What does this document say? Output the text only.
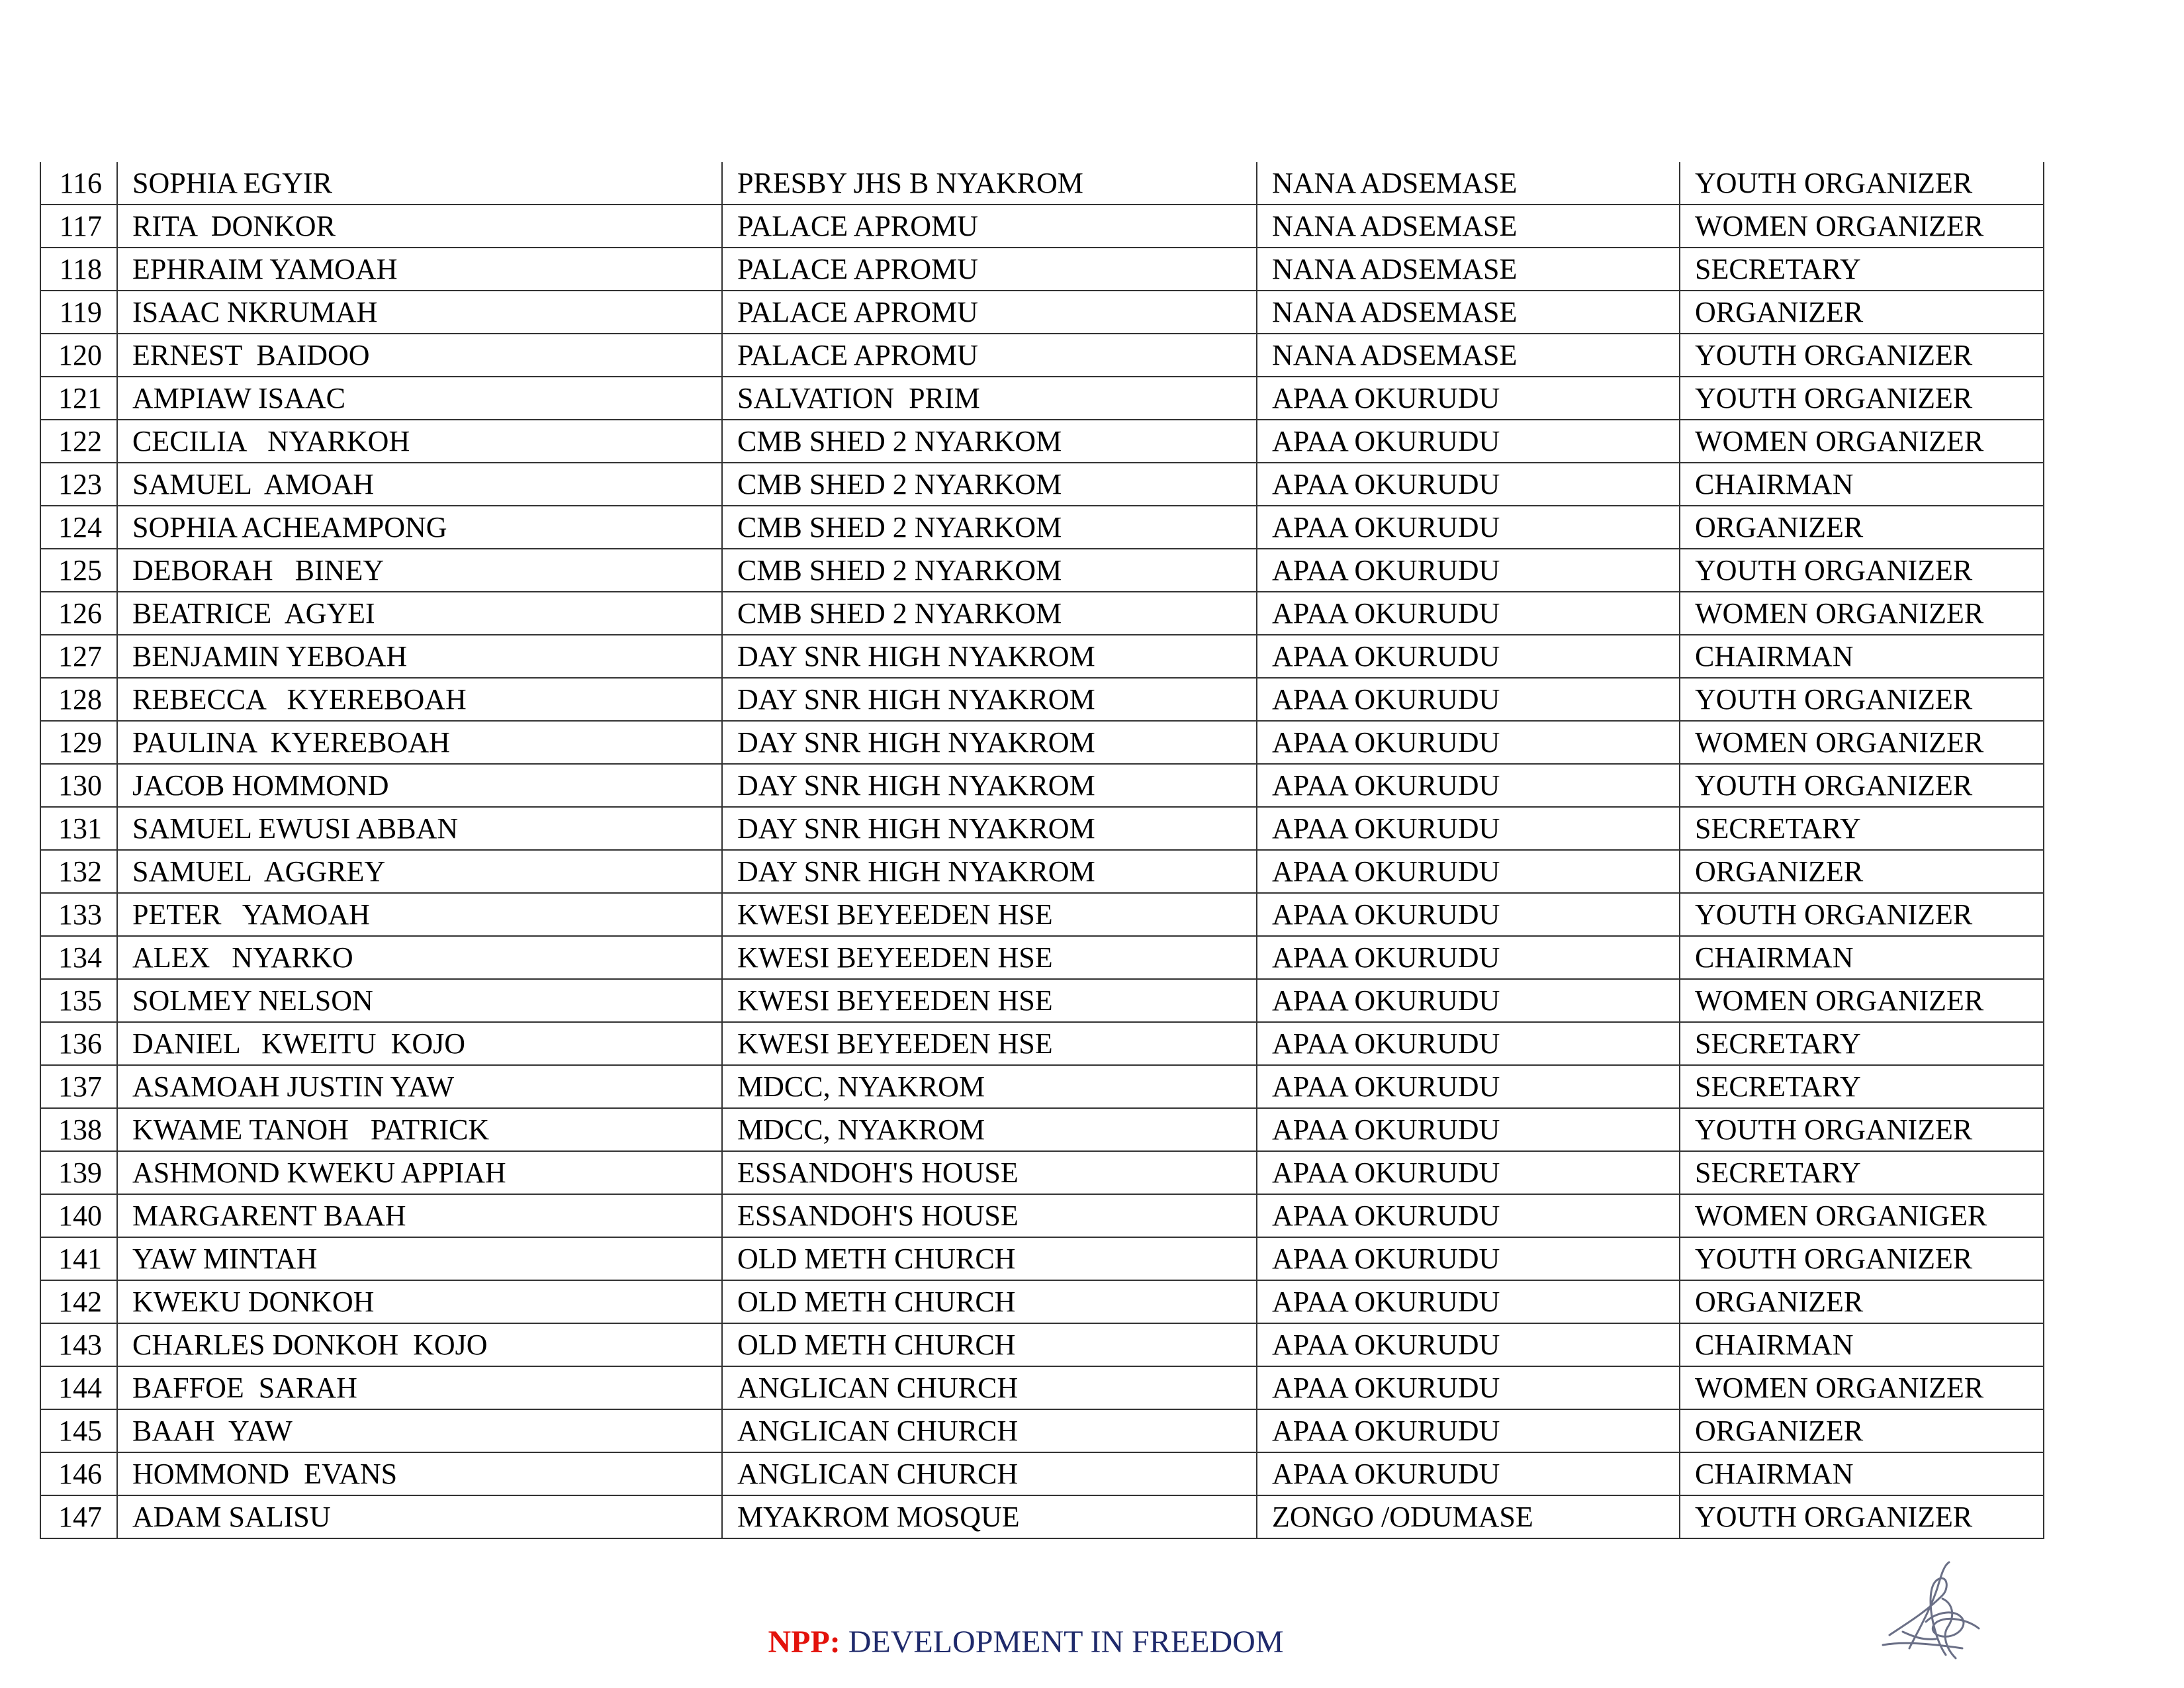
116	SOPHIA EGYIR	PRESBY JHS B NYAKROM	NANA ADSEMASE	YOUTH ORGANIZER
117	RITA  DONKOR	PALACE APROMU	NANA ADSEMASE	WOMEN ORGANIZER
118	EPHRAIM YAMOAH	PALACE APROMU	NANA ADSEMASE	SECRETARY
119	ISAAC NKRUMAH	PALACE APROMU	NANA ADSEMASE	ORGANIZER
120	ERNEST  BAIDOO	PALACE APROMU	NANA ADSEMASE	YOUTH ORGANIZER
121	AMPIAW ISAAC	SALVATION  PRIM	APAA OKURUDU	YOUTH ORGANIZER
122	CECILIA   NYARKOH	CMB SHED 2 NYARKOM	APAA OKURUDU	WOMEN ORGANIZER
123	SAMUEL  AMOAH	CMB SHED 2 NYARKOM	APAA OKURUDU	CHAIRMAN
124	SOPHIA ACHEAMPONG	CMB SHED 2 NYARKOM	APAA OKURUDU	ORGANIZER
125	DEBORAH   BINEY	CMB SHED 2 NYARKOM	APAA OKURUDU	YOUTH ORGANIZER
126	BEATRICE  AGYEI	CMB SHED 2 NYARKOM	APAA OKURUDU	WOMEN ORGANIZER
127	BENJAMIN YEBOAH	DAY SNR HIGH NYAKROM	APAA OKURUDU	CHAIRMAN
128	REBECCA   KYEREBOAH	DAY SNR HIGH NYAKROM	APAA OKURUDU	YOUTH ORGANIZER
129	PAULINA  KYEREBOAH	DAY SNR HIGH NYAKROM	APAA OKURUDU	WOMEN ORGANIZER
130	JACOB HOMMOND	DAY SNR HIGH NYAKROM	APAA OKURUDU	YOUTH ORGANIZER
131	SAMUEL EWUSI ABBAN	DAY SNR HIGH NYAKROM	APAA OKURUDU	SECRETARY
132	SAMUEL  AGGREY	DAY SNR HIGH NYAKROM	APAA OKURUDU	ORGANIZER
133	PETER   YAMOAH	KWESI BEYEEDEN HSE	APAA OKURUDU	YOUTH ORGANIZER
134	ALEX   NYARKO	KWESI BEYEEDEN HSE	APAA OKURUDU	CHAIRMAN
135	SOLMEY NELSON	KWESI BEYEEDEN HSE	APAA OKURUDU	WOMEN ORGANIZER
136	DANIEL   KWEITU  KOJO	KWESI BEYEEDEN HSE	APAA OKURUDU	SECRETARY
137	ASAMOAH JUSTIN YAW	MDCC, NYAKROM	APAA OKURUDU	SECRETARY
138	KWAME TANOH   PATRICK	MDCC, NYAKROM	APAA OKURUDU	YOUTH ORGANIZER
139	ASHMOND KWEKU APPIAH	ESSANDOH'S HOUSE	APAA OKURUDU	SECRETARY
140	MARGARENT BAAH	ESSANDOH'S HOUSE	APAA OKURUDU	WOMEN ORGANIGER
141	YAW MINTAH	OLD METH CHURCH	APAA OKURUDU	YOUTH ORGANIZER
142	KWEKU DONKOH	OLD METH CHURCH	APAA OKURUDU	ORGANIZER
143	CHARLES DONKOH  KOJO	OLD METH CHURCH	APAA OKURUDU	CHAIRMAN
144	BAFFOE  SARAH	ANGLICAN CHURCH	APAA OKURUDU	WOMEN ORGANIZER
145	BAAH  YAW	ANGLICAN CHURCH	APAA OKURUDU	ORGANIZER
146	HOMMOND  EVANS	ANGLICAN CHURCH	APAA OKURUDU	CHAIRMAN
147	ADAM SALISU	MYAKROM MOSQUE	ZONGO /ODUMASE	YOUTH ORGANIZER
NPP: DEVELOPMENT IN FREEDOM
